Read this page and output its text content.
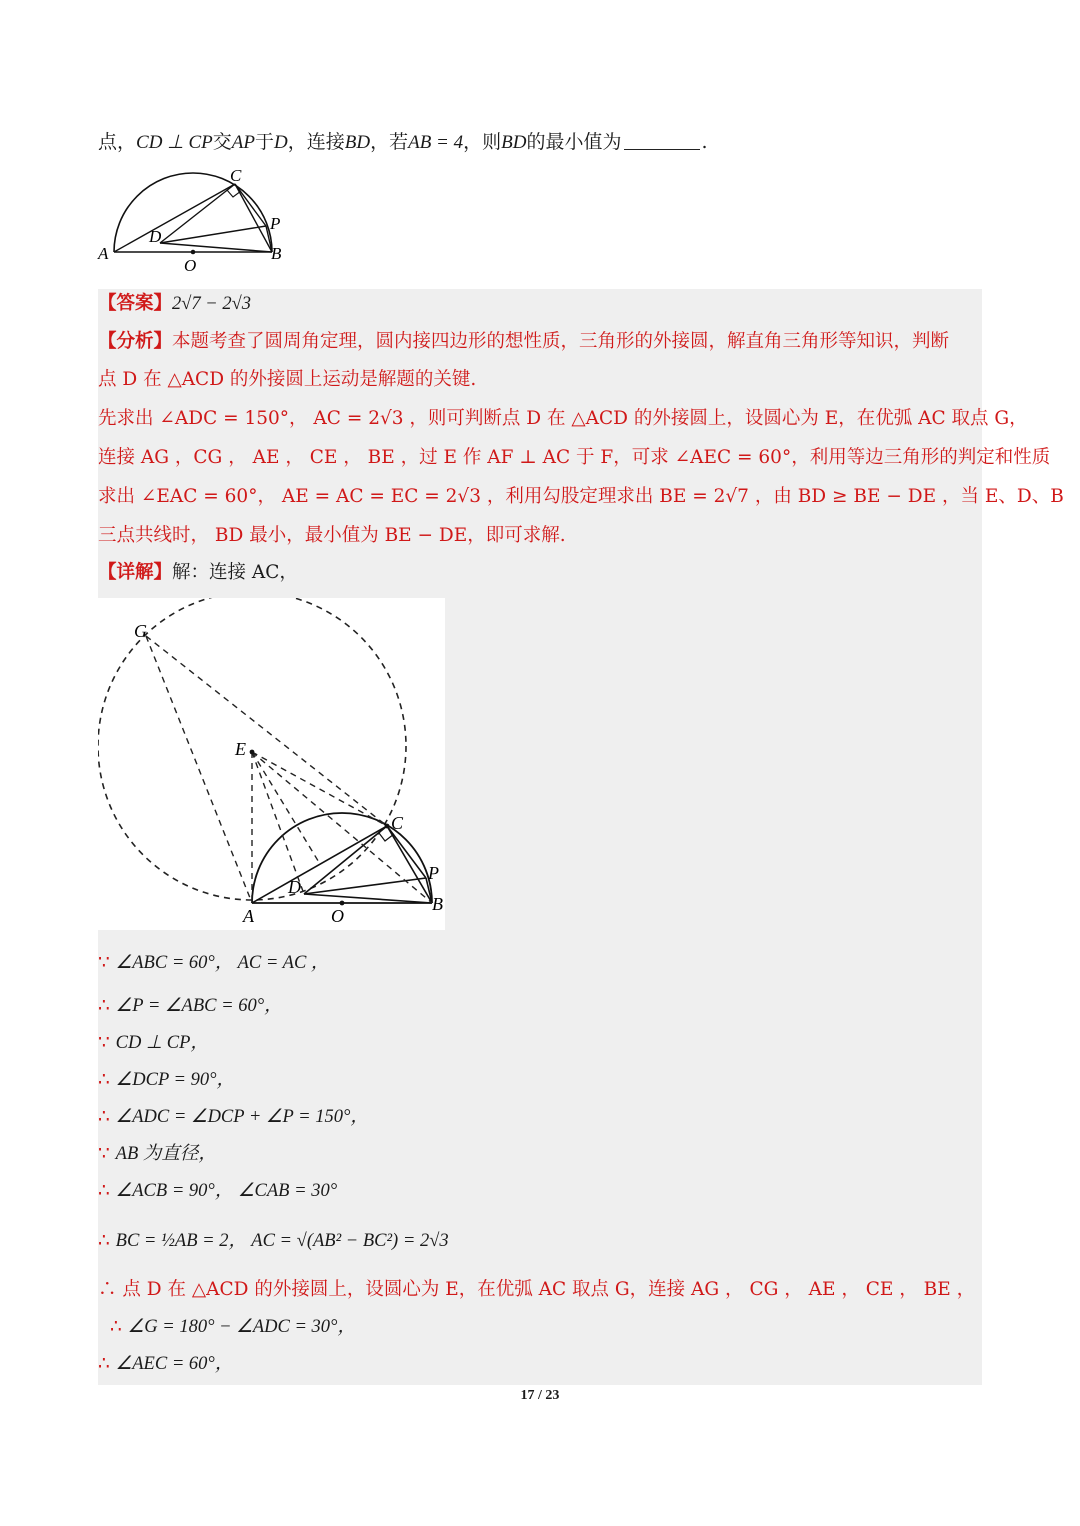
点，CD ⊥ CP交AP于D，连接BD，若AB = 4，则BD的最小值为	.
A	B
C
D
P
O
【答案】2√7 − 2√3
【分析】本题考查了圆周角定理，圆内接四边形的想性质，三角形的外接圆，解直角三角形等知识，判断
点 D 在 △ACD 的外接圆上运动是解题的关键.
先求出 ∠ADC = 150°， AC = 2√3 ，则可判断点 D 在 △ACD 的外接圆上，设圆心为 E，在优弧 AC 取点 G，
连接 AG ，CG ， AE ， CE ， BE ，过 E 作 AF ⊥ AC 于 F，可求 ∠AEC = 60°，利用等边三角形的判定和性质
求出 ∠EAC = 60°， AE = AC = EC = 2√3 ，利用勾股定理求出 BE = 2√7 ，由 BD ≥ BE − DE ，当 E、D、B
三点共线时， BD 最小，最小值为 BE − DE，即可求解.
【详解】解：连接 AC，
G
E
C
P
B
D
A	O
∵ ∠ABC = 60°， AC = AC ，
∴ ∠P = ∠ABC = 60°，
∵ CD ⊥ CP，
∴ ∠DCP = 90°，
∴ ∠ADC = ∠DCP + ∠P = 150°，
∵ AB 为直径，
∴ ∠ACB = 90°， ∠CAB = 30°
∴ BC = ½AB = 2， AC = √(AB² − BC²) = 2√3
∴ 点 D 在 △ACD 的外接圆上，设圆心为 E，在优弧 AC 取点 G，连接 AG ， CG ， AE ， CE ， BE ，
∴ ∠G = 180° − ∠ADC = 30°，
∴ ∠AEC = 60°，
17 / 23
